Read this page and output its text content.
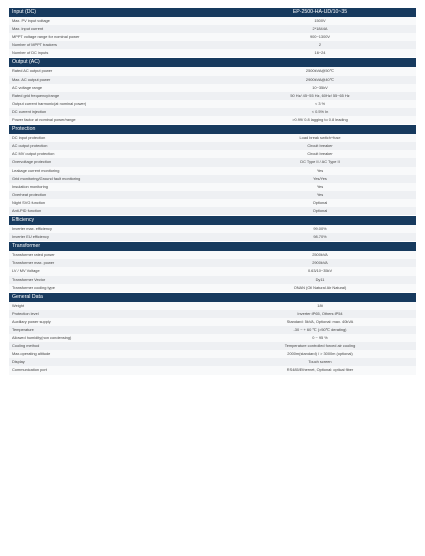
Input (DC)	EP-2500-HA-UD/10~35
Max. PV input voltage	1500V
Max. input current	2*1844A
MPPT voltage range for nominal power	900~1300V
Number of MPPT trackers	2
Number of DC inputs	16~24
Output (AC)
Rated AC output power	2500kVA@50℃
Max. AC output power	2900kVA@40℃
AC voltage range	10~35kV
Rated grid frequency/range	50 Hz/ 45~55 Hz, 60Hz/ 55~65 Hz
Output current harmonic(at nominal power)	< 3 %
DC current injection	< 0.5% In
Power factor at nominal power/range	>0.99/ 0.8 lagging to 0.8 leading
Protection
DC input protection	Load break switch+fuse
AC output protection	Circuit breaker
AC MV output protection	Circuit breaker
Overvoltage protection	DC Type II / AC Type II
Leakage current monitoring	Yes
Grid monitoring/Ground fault monitoring	Yes/Yes
Insulation monitoring	Yes
Overheat protection	Yes
Night SVG function	Optional
Anti-PID function	Optional
Efficiency
Inverter max. efficiency	99.00%
Inverter EU efficiency	98.70%
Transformer
Transformer rated power	2500kVA
Transformer max. power	2900kVA
LV / MV Voltage	0.63/10~35kV
Transformer Vector	Dy11
Transformer cooling type	ONAN (Oil Natural Air Natural)
General Data
Weight	18t
Protection level	Inverter:IP65, Others:IP54
Auxiliary power supply	Standard: 5kVA, Optional: max. 40kVA
Temperature	-30 ~ + 60 ℃ (>50℃ derating)
Allowed humidity(non condensing)	0 ~ 95 %
Cooling method	Temperature controlled forced air cooling
Max.operating altitude	2000m(standard) / > 3000m (optional)
Display	Touch screen
Communication port	RS485/Ethernet, Optional: optical fiber
